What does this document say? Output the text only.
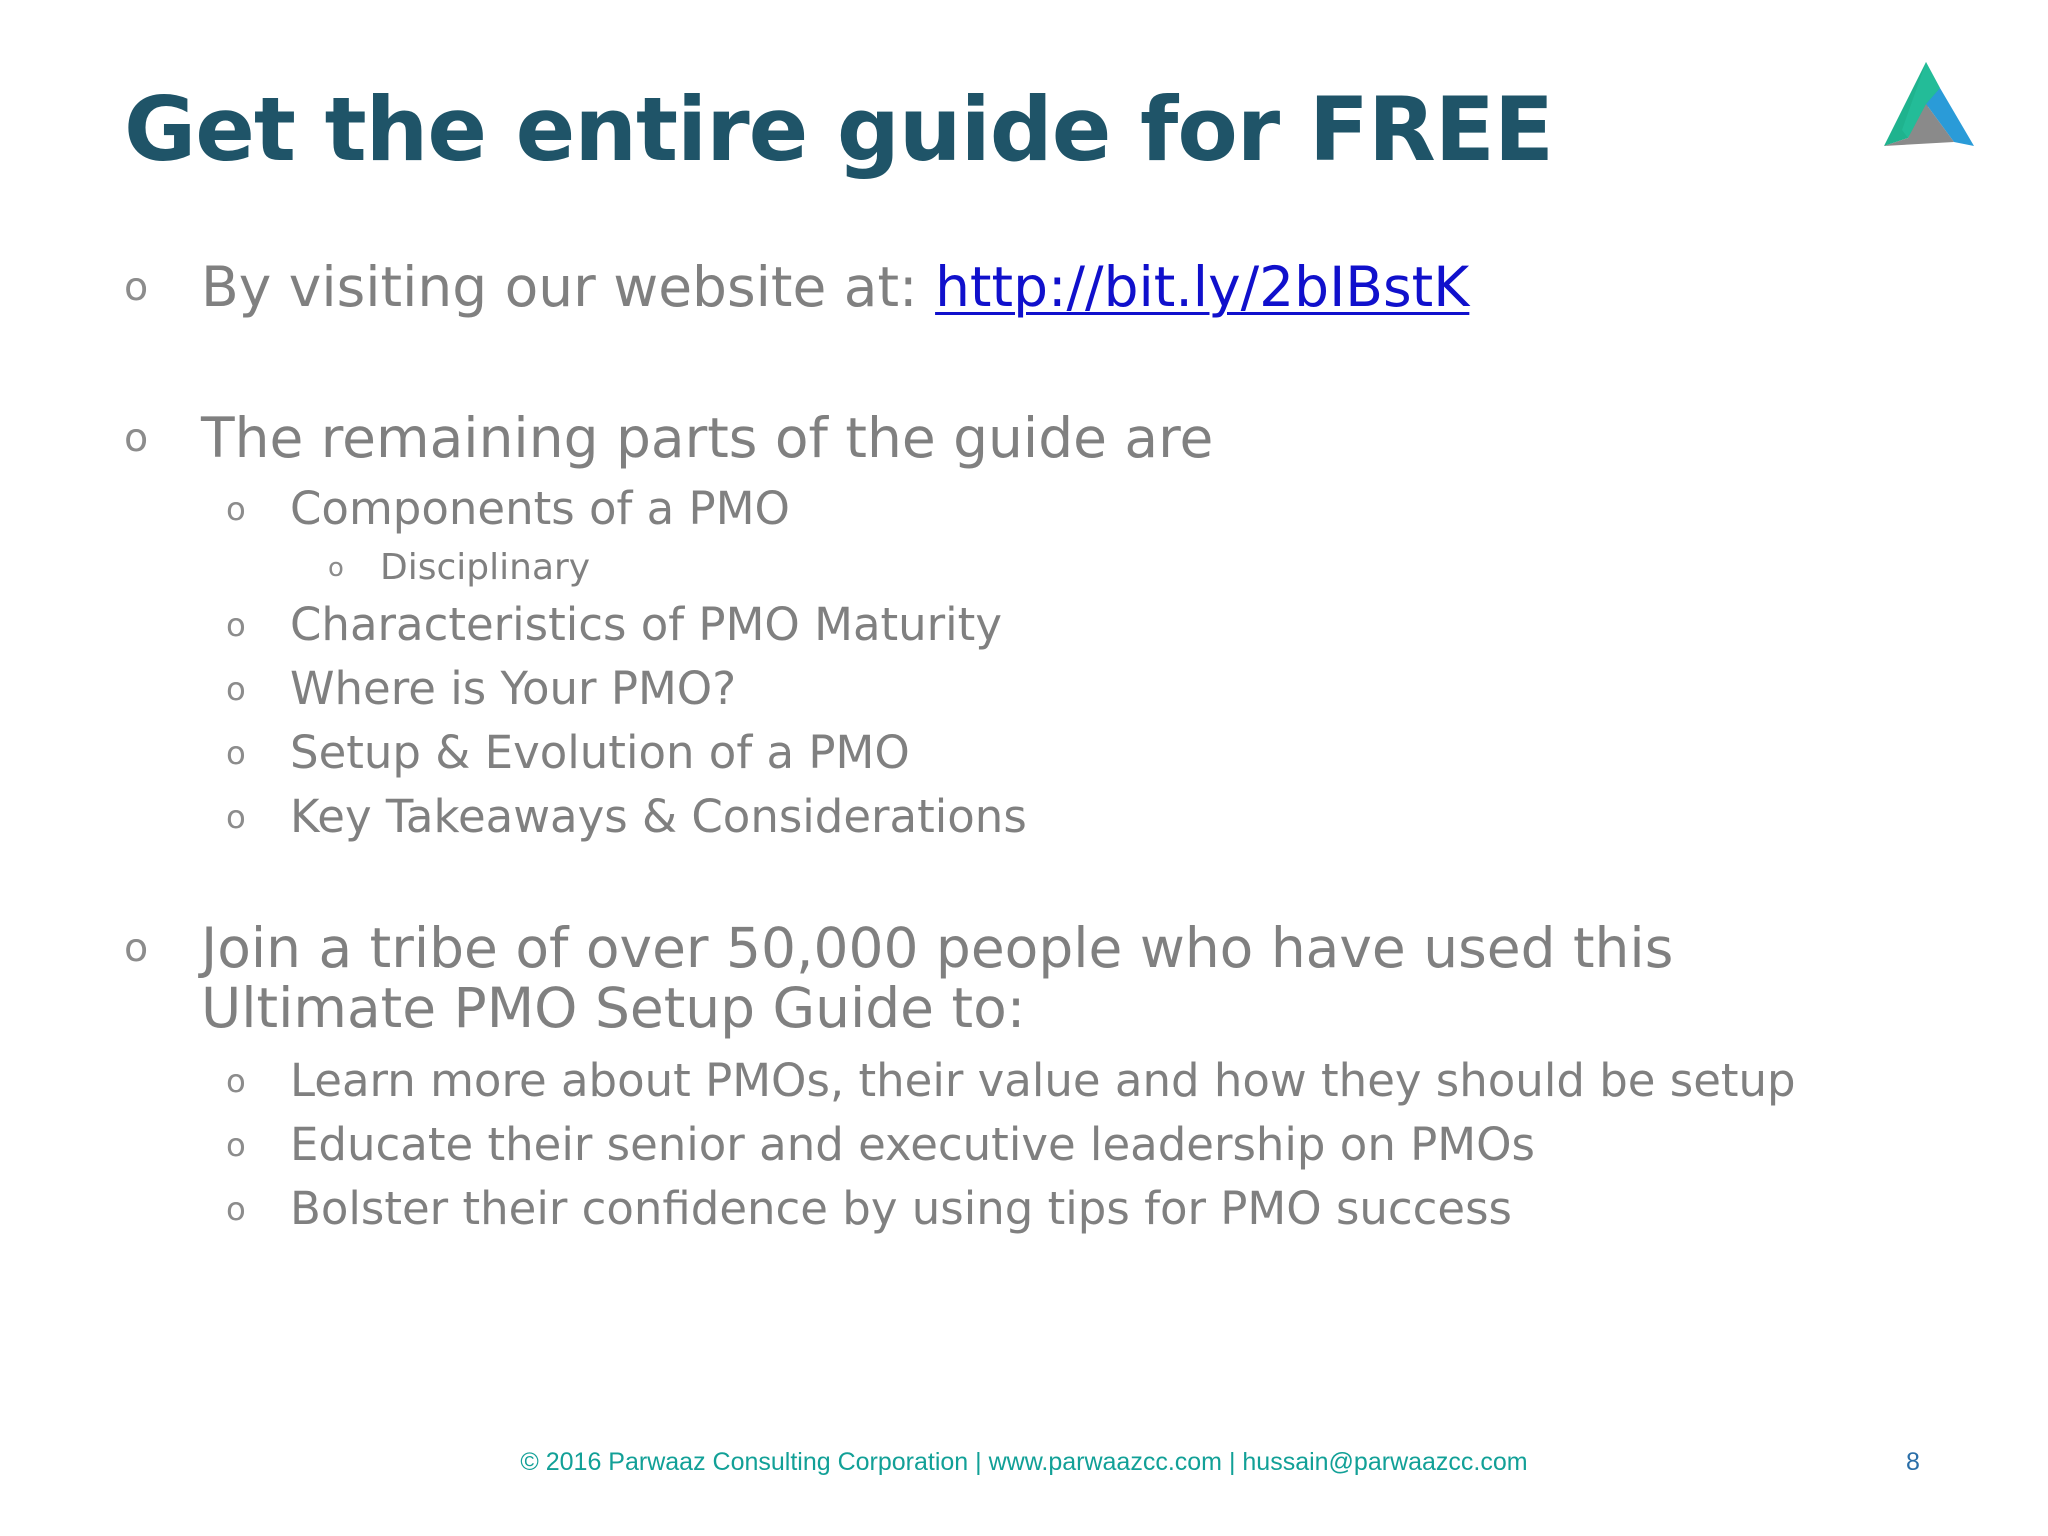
Get the entire guide for FREE
o By visiting our website at: http://bit.ly/2bIBstK
o The remaining parts of the guide are
o Components of a PMO
o Disciplinary
o Characteristics of PMO Maturity
o Where is Your PMO?
o Setup & Evolution of a PMO
o Key Takeaways & Considerations
o Join a tribe of over 50,000 people who have used this Ultimate PMO Setup Guide to:
o Learn more about PMOs, their value and how they should be setup
o Educate their senior and executive leadership on PMOs
o Bolster their confidence by using tips for PMO success
© 2016 Parwaaz Consulting Corporation | www.parwaazcc.com | hussain@parwaazcc.com	8
